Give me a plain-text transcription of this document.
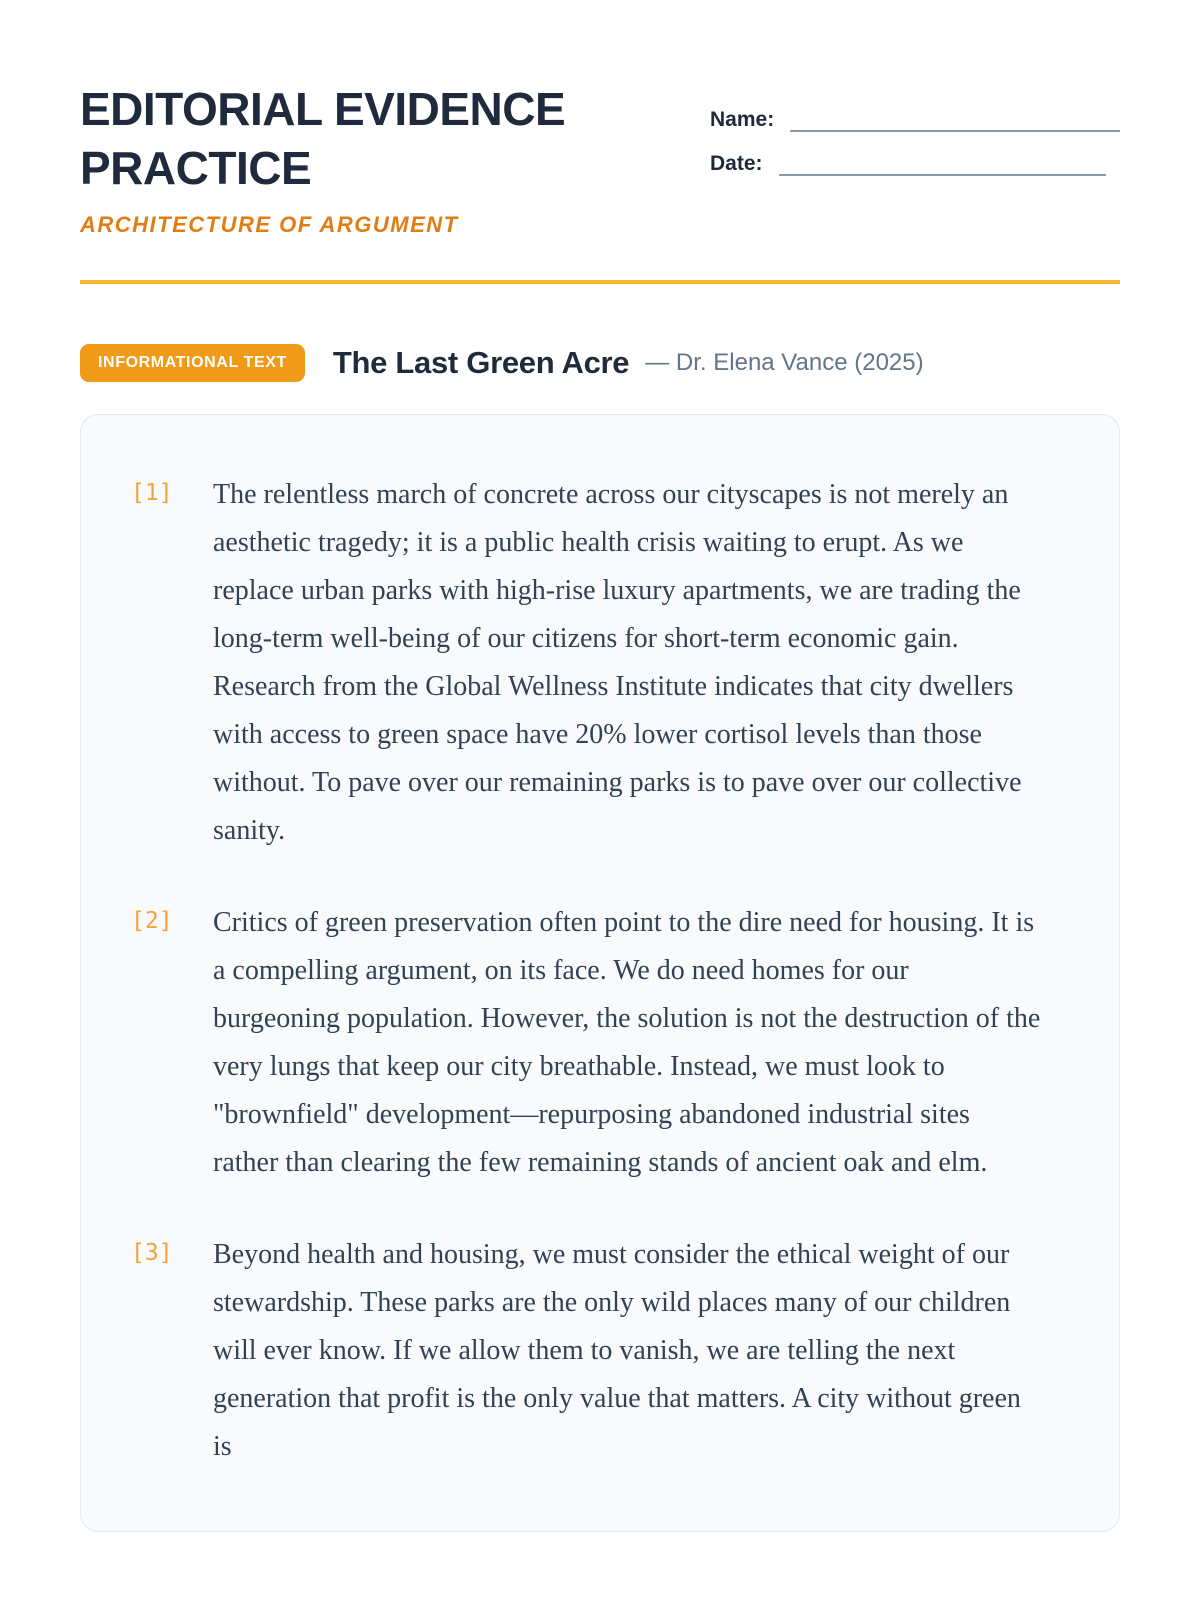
EDITORIAL EVIDENCE PRACTICE
ARCHITECTURE OF ARGUMENT
Name:
Date:
INFORMATIONAL TEXT	The Last Green Acre — Dr. Elena Vance (2025)
[1]	The relentless march of concrete across our cityscapes is not merely an aesthetic tragedy; it is a public health crisis waiting to erupt. As we replace urban parks with high-rise luxury apartments, we are trading the long-term well-being of our citizens for short-term economic gain. Research from the Global Wellness Institute indicates that city dwellers with access to green space have 20% lower cortisol levels than those without. To pave over our remaining parks is to pave over our collective sanity.

[2]	Critics of green preservation often point to the dire need for housing. It is a compelling argument, on its face. We do need homes for our burgeoning population. However, the solution is not the destruction of the very lungs that keep our city breathable. Instead, we must look to "brownfield" development—repurposing abandoned industrial sites rather than clearing the few remaining stands of ancient oak and elm.

[3]	Beyond health and housing, we must consider the ethical weight of our stewardship. These parks are the only wild places many of our children will ever know. If we allow them to vanish, we are telling the next generation that profit is the only value that matters. A city without green is
